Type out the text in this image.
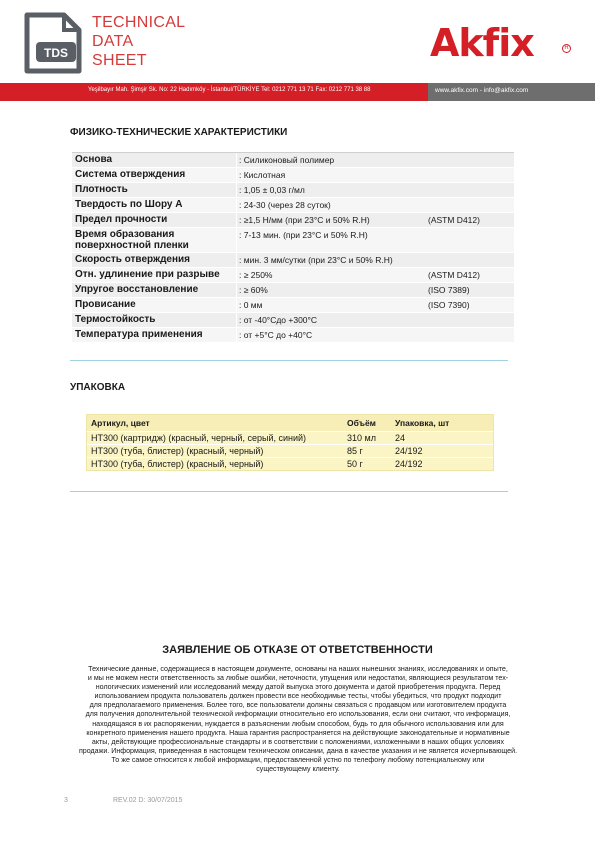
TDS
TECHNICAL
DATA
SHEET	Akfix	R
Yeşilbayır Mah. Şimşir Sk. No: 22 Hadımköy - İstanbul/TÜRKİYE Tel: 0212 771 13 71 Fax: 0212 771 38 88	www.akfix.com - info@akfix.com
ФИЗИКО-ТЕХНИЧЕСКИЕ ХАРАКТЕРИСТИКИ
Основа	: Силиконовый полимер
Система отверждения	: Кислотная
Плотность	: 1,05 ± 0,03 г/мл
Твердость по Шору А	: 24-30 (через 28 суток)
Предел прочности	: ≥1,5 Н/мм (при 23°С и 50% R.H)	(ASTM D412)
Время образования поверхностной пленки
: 7-13 мин. (при 23°С и 50% R.H)
Скорость отверждения	: мин. 3 мм/сутки (при 23°С и 50% R.H)
Отн. удлинение при разрыве	: ≥ 250%	(ASTM D412)
Упругое восстановление	: ≥ 60%	(ISO 7389)
Провисание	: 0 мм	(ISO 7390)
Термостойкость	: от -40°Сдо +300°С
Температура применения	: от +5°С до +40°С
УПАКОВКА
Артикул, цвет	Объём	Упаковка, шт
HT300 (картридж) (красный, черный, серый, синий)	310 мл	24
HT300 (туба, блистер) (красный, черный)	85 г	24/192
HT300 (туба, блистер) (красный, черный)	50 г	24/192
ЗАЯВЛЕНИЕ ОБ ОТКАЗЕ ОТ ОТВЕТСТВЕННОСТИ
Технические данные, содержащиеся в настоящем документе, основаны на наших нынешних знаниях, исследованиях и опыте,
и мы не можем нести ответственность за любые ошибки, неточности, упущения или недостатки, являющиеся результатом тех-
нологических изменений или исследований между датой выпуска этого документа и датой приобретения продукта. Перед
использованием продукта пользователь должен провести все необходимые тесты, чтобы убедиться, что продукт подходит
для предполагаемого применения. Более того, все пользователи должны связаться с продавцом или изготовителем продукта
для получения дополнительной технической информации относительно его использования, если они считают, что информация,
находящаяся в их распоряжении, нуждается в разъяснении любым способом, будь то для обычного использования или для
конкретного применения нашего продукта. Наша гарантия распространяется на действующие законодательные и нормативные
акты, действующие профессиональные стандарты и в соответствии с положениями, изложенными в наших общих условиях
продажи. Информация, приведенная в настоящем техническом описании, дана в качестве указания и не является исчерпывающей.
То же самое относится к любой информации, предоставленной устно по телефону любому потенциальному или
существующему клиенту.
3	REV.02 D: 30/07/2015
